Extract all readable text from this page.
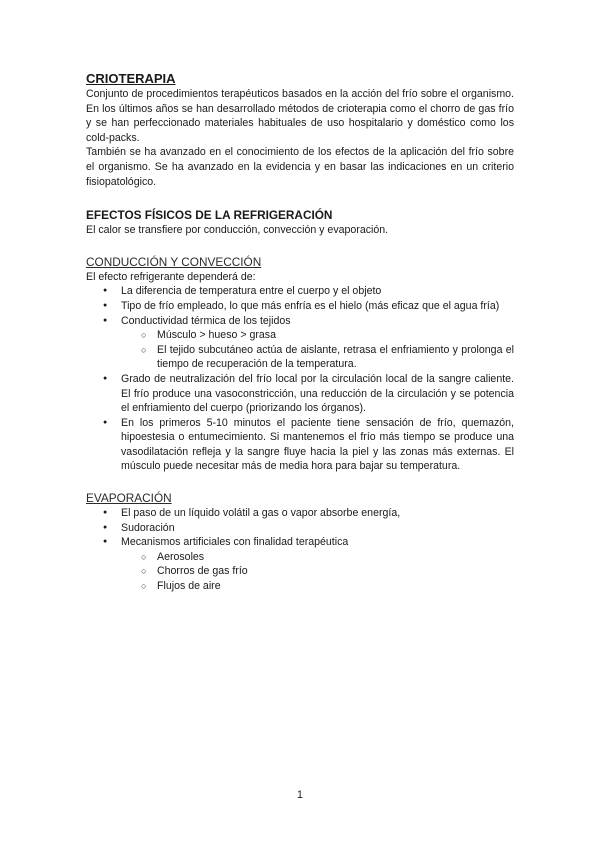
CRIOTERAPIA

Conjunto de procedimientos terapéuticos basados en la acción del frío sobre el organismo. En los últimos años se han desarrollado métodos de crioterapia como el chorro de gas frío y se han perfeccionado materiales habituales de uso hospitalario y doméstico como los cold-packs.

También se ha avanzado en el conocimiento de los efectos de la aplicación del frío sobre el organismo. Se ha avanzado en la evidencia y en basar las indicaciones en un criterio fisiopatológico.

EFECTOS FÍSICOS DE LA REFRIGERACIÓN

El calor se transfiere por conducción, convección y evaporación.

CONDUCCIÓN Y CONVECCIÓN

El efecto refrigerante dependerá de:

● La diferencia de temperatura entre el cuerpo y el objeto
● Tipo de frío empleado, lo que más enfría es el hielo (más eficaz que el agua fría)
● Conductividad térmica de los tejidos
○ Músculo > hueso > grasa
○ El tejido subcutáneo actúa de aislante, retrasa el enfriamiento y prolonga el tiempo de recuperación de la temperatura.
● Grado de neutralización del frío local por la circulación local de la sangre caliente. El frío produce una vasoconstricción, una reducción de la circulación y se potencia el enfriamiento del cuerpo (priorizando los órganos).
● En los primeros 5-10 minutos el paciente tiene sensación de frío, quemazón, hipoestesia o entumecimiento. Si mantenemos el frío más tiempo se produce una vasodilatación refleja y la sangre fluye hacia la piel y las zonas más externas. El músculo puede necesitar más de media hora para bajar su temperatura.
EVAPORACIÓN
● El paso de un líquido volátil a gas o vapor absorbe energía,
● Sudoración
● Mecanismos artificiales con finalidad terapéutica
○ Aerosoles
○ Chorros de gas frío
○ Flujos de aire
1
